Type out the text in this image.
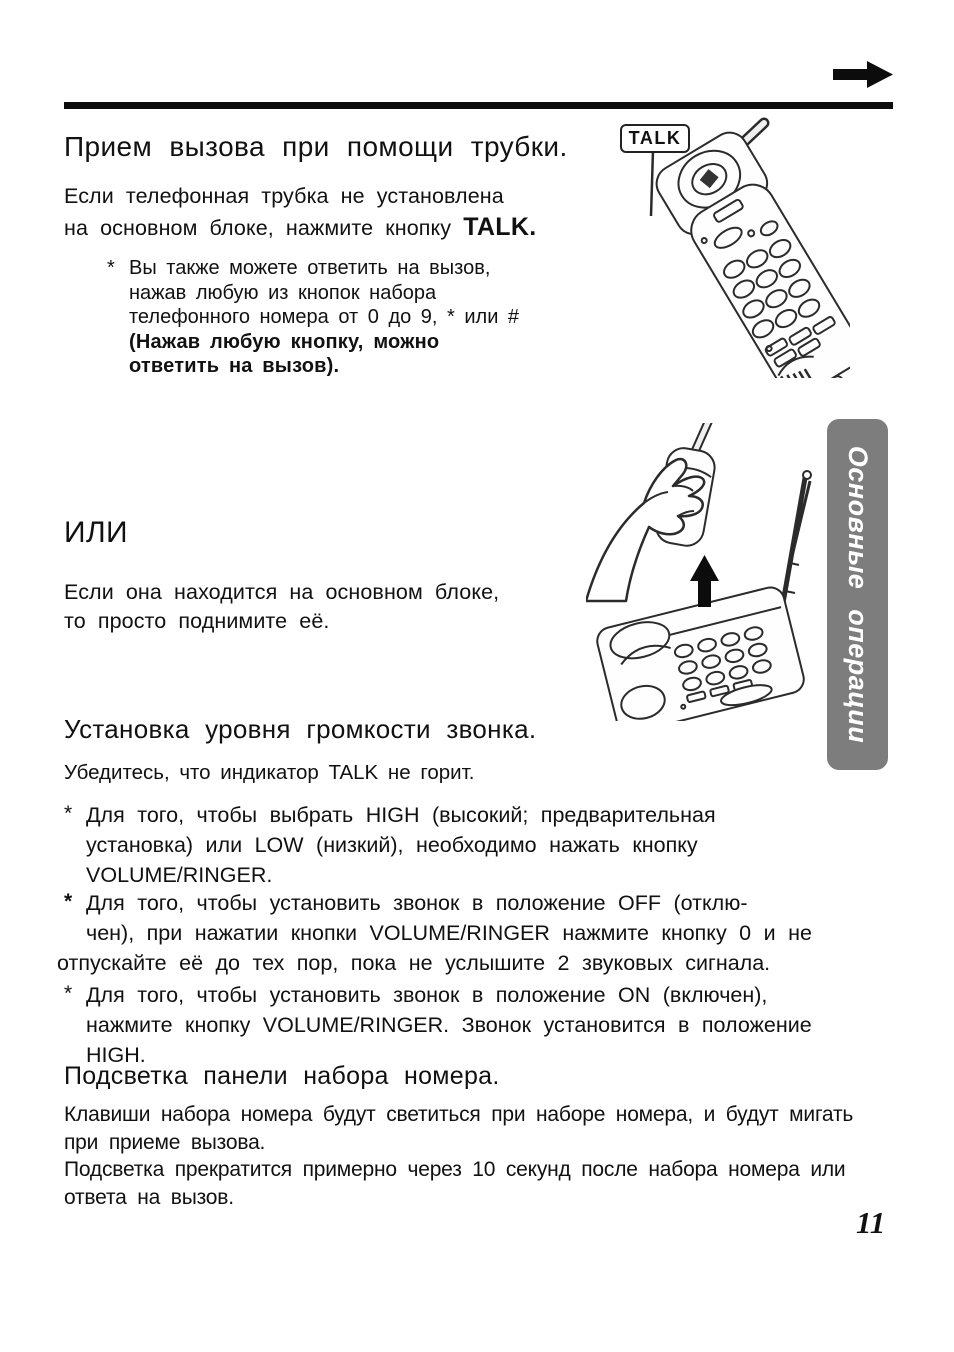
Прием вызова при помощи трубки.
Если телефонная трубка не установлена
на основном блоке, нажмите кнопку TALK.
* Вы также можете ответить на вызов,
нажав любую из кнопок набора
телефонного номера от 0 до 9, * или #
(Нажав любую кнопку, можно
ответить на вызов).
TALK
ИЛИ
Если она находится на основном блоке,
то просто поднимите её.	Основные операции
Установка уровня громкости звонка.
Убедитесь, что индикатор TALK не горит.
* Для того, чтобы выбрать HIGH (высокий; предварительная
установка) или LOW (низкий), необходимо нажать кнопку
VOLUME/RINGER.
* Для того, чтобы установить звонок в положение OFF (отклю-
чен), при нажатии кнопки VOLUME/RINGER нажмите кнопку 0 и не
отпускайте её до тех пор, пока не услышите 2 звуковых сигнала.
* Для того, чтобы установить звонок в положение ON (включен),
нажмите кнопку VOLUME/RINGER. Звонок установится в положение
HIGH.
Подсветка панели набора номера.
Клавиши набора номера будут светиться при наборе номера, и будут мигать
при приеме вызова.
Подсветка прекратится примерно через 10 секунд после набора номера или
ответа на вызов.
11
